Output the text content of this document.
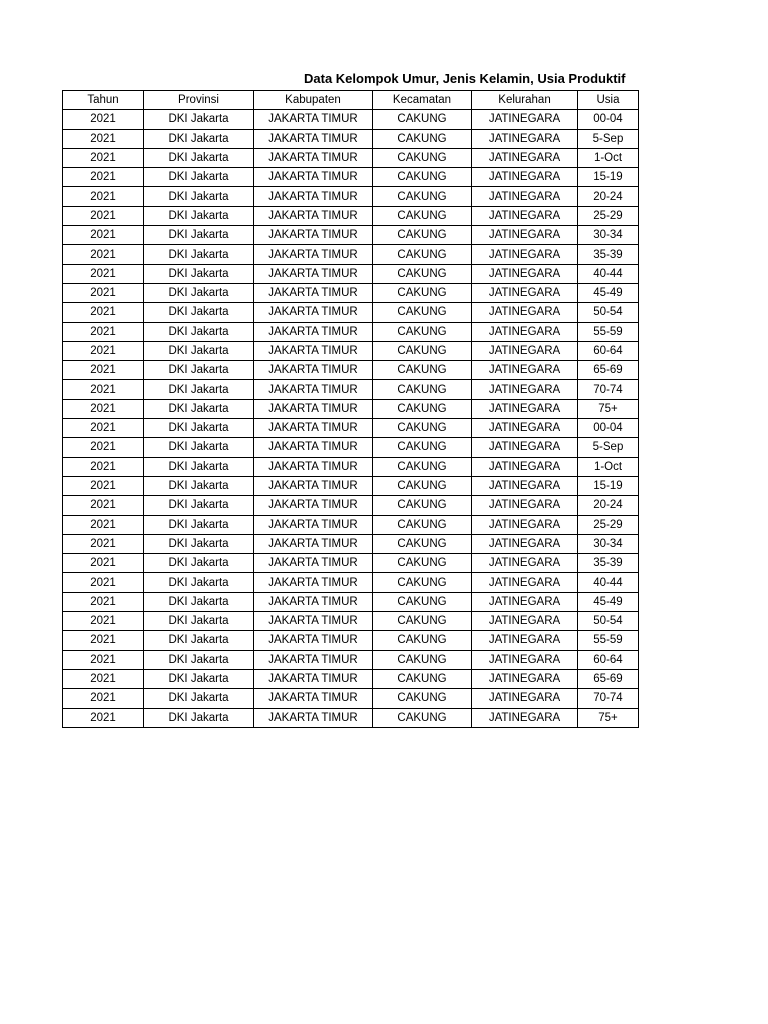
Data Kelompok Umur, Jenis Kelamin, Usia Produktif
Tahun	Provinsi	Kabupaten	Kecamatan	Kelurahan	Usia
2021	DKI Jakarta	JAKARTA TIMUR	CAKUNG	JATINEGARA	00-04
2021	DKI Jakarta	JAKARTA TIMUR	CAKUNG	JATINEGARA	5-Sep
2021	DKI Jakarta	JAKARTA TIMUR	CAKUNG	JATINEGARA	1-Oct
2021	DKI Jakarta	JAKARTA TIMUR	CAKUNG	JATINEGARA	15-19
2021	DKI Jakarta	JAKARTA TIMUR	CAKUNG	JATINEGARA	20-24
2021	DKI Jakarta	JAKARTA TIMUR	CAKUNG	JATINEGARA	25-29
2021	DKI Jakarta	JAKARTA TIMUR	CAKUNG	JATINEGARA	30-34
2021	DKI Jakarta	JAKARTA TIMUR	CAKUNG	JATINEGARA	35-39
2021	DKI Jakarta	JAKARTA TIMUR	CAKUNG	JATINEGARA	40-44
2021	DKI Jakarta	JAKARTA TIMUR	CAKUNG	JATINEGARA	45-49
2021	DKI Jakarta	JAKARTA TIMUR	CAKUNG	JATINEGARA	50-54
2021	DKI Jakarta	JAKARTA TIMUR	CAKUNG	JATINEGARA	55-59
2021	DKI Jakarta	JAKARTA TIMUR	CAKUNG	JATINEGARA	60-64
2021	DKI Jakarta	JAKARTA TIMUR	CAKUNG	JATINEGARA	65-69
2021	DKI Jakarta	JAKARTA TIMUR	CAKUNG	JATINEGARA	70-74
2021	DKI Jakarta	JAKARTA TIMUR	CAKUNG	JATINEGARA	75+
2021	DKI Jakarta	JAKARTA TIMUR	CAKUNG	JATINEGARA	00-04
2021	DKI Jakarta	JAKARTA TIMUR	CAKUNG	JATINEGARA	5-Sep
2021	DKI Jakarta	JAKARTA TIMUR	CAKUNG	JATINEGARA	1-Oct
2021	DKI Jakarta	JAKARTA TIMUR	CAKUNG	JATINEGARA	15-19
2021	DKI Jakarta	JAKARTA TIMUR	CAKUNG	JATINEGARA	20-24
2021	DKI Jakarta	JAKARTA TIMUR	CAKUNG	JATINEGARA	25-29
2021	DKI Jakarta	JAKARTA TIMUR	CAKUNG	JATINEGARA	30-34
2021	DKI Jakarta	JAKARTA TIMUR	CAKUNG	JATINEGARA	35-39
2021	DKI Jakarta	JAKARTA TIMUR	CAKUNG	JATINEGARA	40-44
2021	DKI Jakarta	JAKARTA TIMUR	CAKUNG	JATINEGARA	45-49
2021	DKI Jakarta	JAKARTA TIMUR	CAKUNG	JATINEGARA	50-54
2021	DKI Jakarta	JAKARTA TIMUR	CAKUNG	JATINEGARA	55-59
2021	DKI Jakarta	JAKARTA TIMUR	CAKUNG	JATINEGARA	60-64
2021	DKI Jakarta	JAKARTA TIMUR	CAKUNG	JATINEGARA	65-69
2021	DKI Jakarta	JAKARTA TIMUR	CAKUNG	JATINEGARA	70-74
2021	DKI Jakarta	JAKARTA TIMUR	CAKUNG	JATINEGARA	75+
